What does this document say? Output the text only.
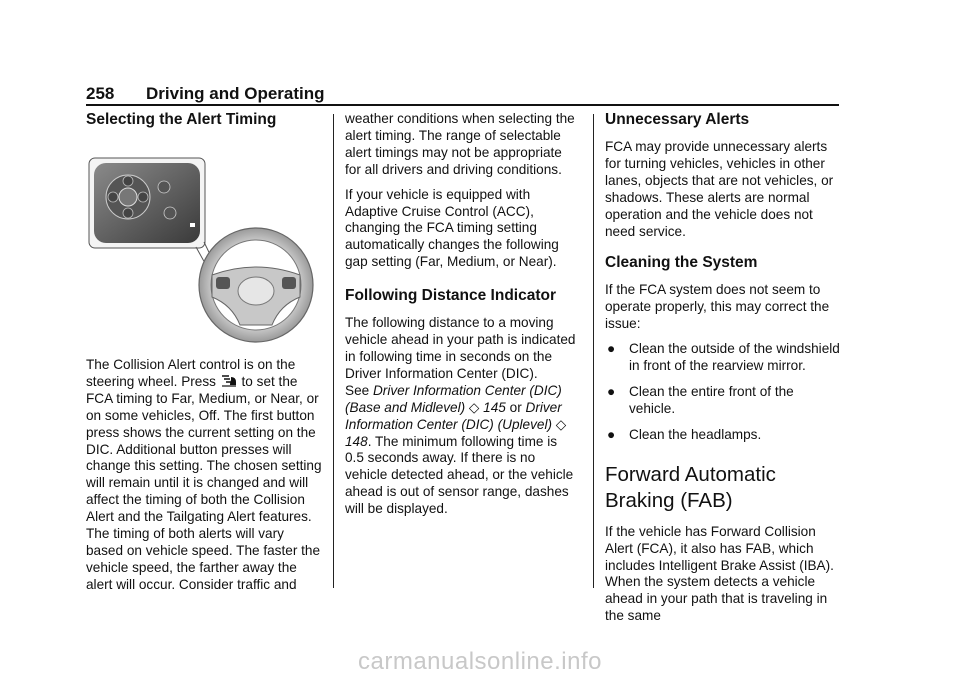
258 Driving and Operating
Selecting the Alert Timing

The Collision Alert control is on the steering wheel. Press to set the FCA timing to Far, Medium, or Near, or on some vehicles, Off. The first button press shows the current setting on the DIC. Additional button presses will change this setting. The chosen setting will remain until it is changed and will affect the timing of both the Collision Alert and the Tailgating Alert features. The timing of both alerts will vary based on vehicle speed. The faster the vehicle speed, the farther away the alert will occur. Consider traffic and

weather conditions when selecting the alert timing. The range of selectable alert timings may not be appropriate for all drivers and driving conditions.

If your vehicle is equipped with Adaptive Cruise Control (ACC), changing the FCA timing setting automatically changes the following gap setting (Far, Medium, or Near).

Following Distance Indicator

The following distance to a moving vehicle ahead in your path is indicated in following time in seconds on the Driver Information Center (DIC).

See Driver Information Center (DIC) (Base and Midlevel) ◇ 145 or Driver Information Center (DIC) (Uplevel) ◇ 148. The minimum following time is 0.5 seconds away. If there is no vehicle detected ahead, or the vehicle ahead is out of sensor range, dashes will be displayed.

Unnecessary Alerts

FCA may provide unnecessary alerts for turning vehicles, vehicles in other lanes, objects that are not vehicles, or shadows. These alerts are normal operation and the vehicle does not need service.

Cleaning the System

If the FCA system does not seem to operate properly, this may correct the issue:

● Clean the outside of the windshield in front of the rearview mirror.
● Clean the entire front of the vehicle.
● Clean the headlamps.
Forward Automatic Braking (FAB)

If the vehicle has Forward Collision Alert (FCA), it also has FAB, which includes Intelligent Brake Assist (IBA). When the system detects a vehicle ahead in your path that is traveling in the same

carmanualsonline.info
